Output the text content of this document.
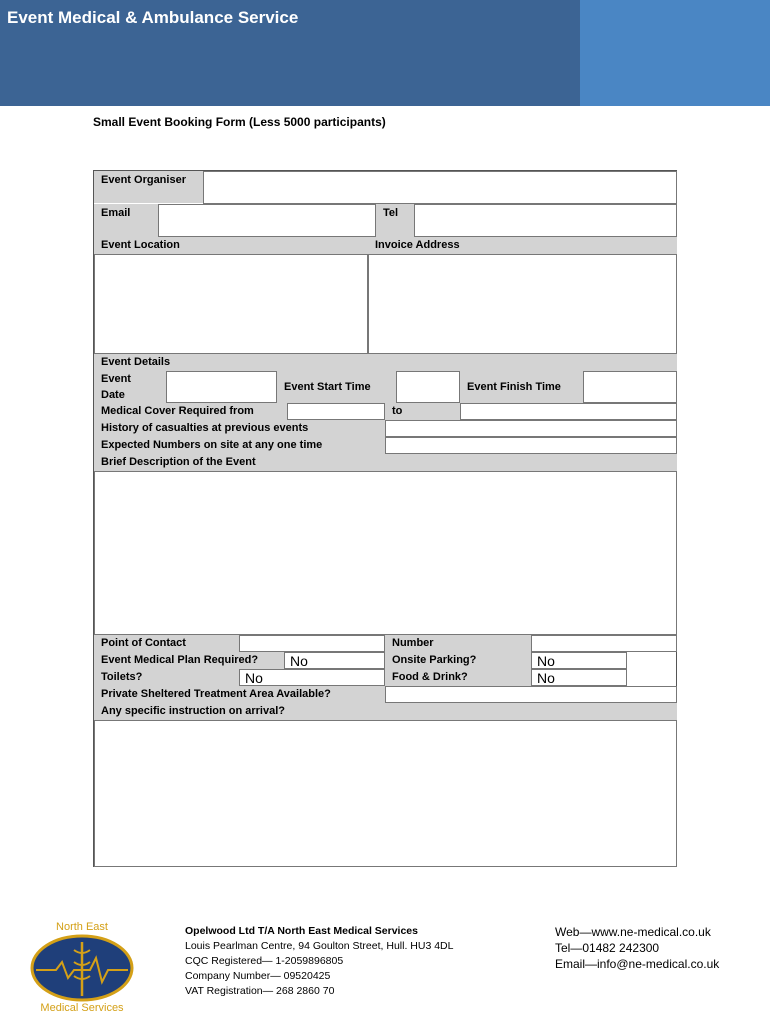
Event Medical & Ambulance Service
Small Event Booking Form (Less 5000 participants)
Event Organiser
Email	Tel
Event Location	Invoice Address
Event Details
Event
Date
Event Start Time	Event Finish Time
Medical Cover Required from	to
History of casualties at previous events
Expected Numbers on site at any one time
Brief Description of the Event
Point of Contact	Number
Event Medical Plan Required?	No	Onsite Parking?	No
Toilets?	No	Food & Drink?	No
Private Sheltered Treatment Area Available?
Any specific instruction on arrival?
North East
Medical Services
Opelwood Ltd T/A North East Medical Services
Louis Pearlman Centre, 94 Goulton Street, Hull. HU3 4DL
CQC Registered— 1-2059896805
Company Number— 09520425
VAT Registration— 268 2860 70
Web—www.ne-medical.co.uk
Tel—01482 242300
Email—info@ne-medical.co.uk
